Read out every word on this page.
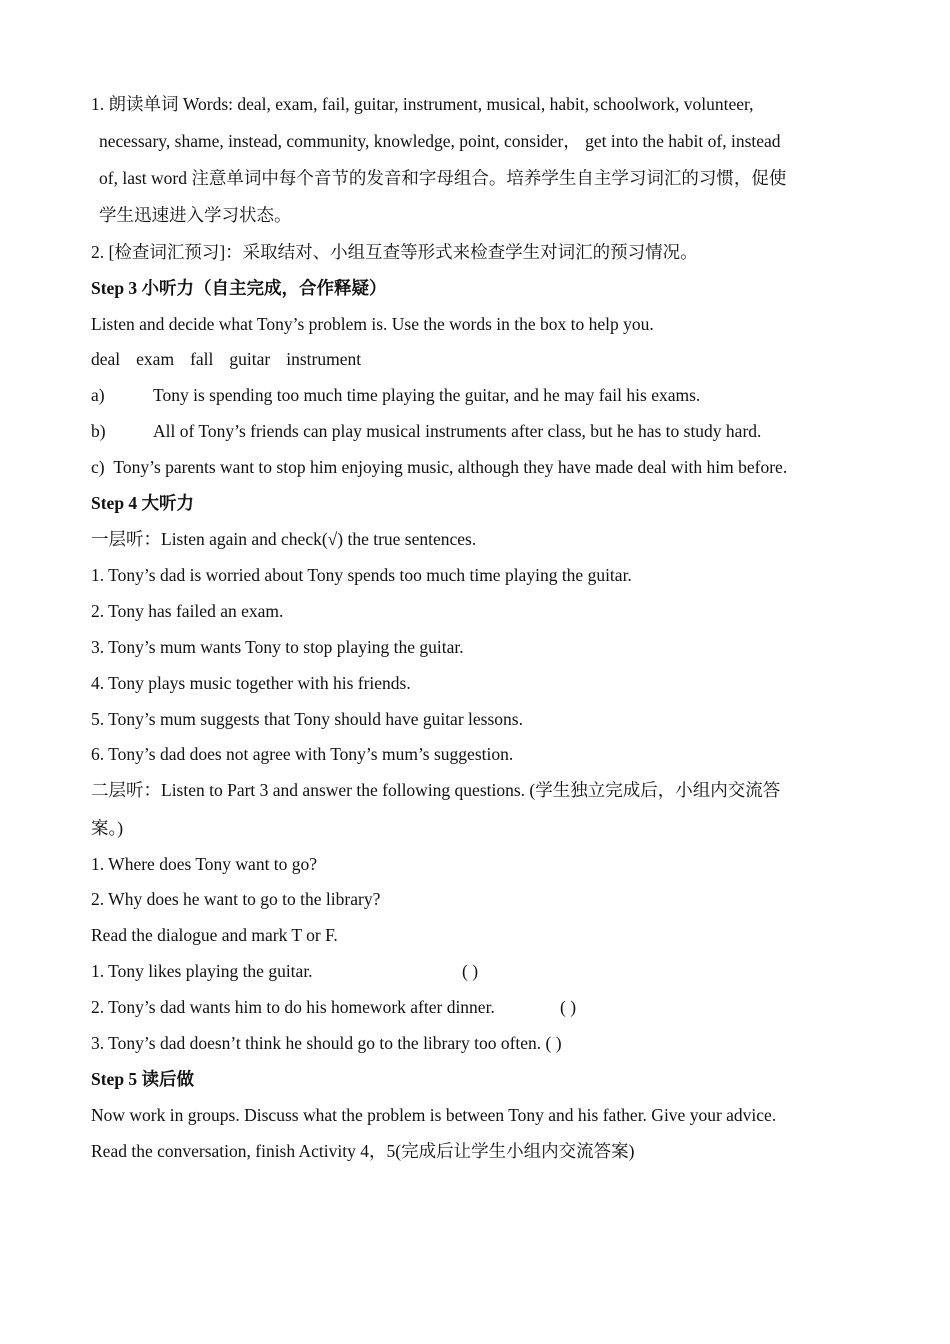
1. 朗读单词 Words: deal, exam, fail, guitar, instrument, musical, habit, schoolwork, volunteer,
necessary, shame, instead, community, knowledge, point, consider， get into the habit of, instead
of, last word 注意单词中每个音节的发音和字母组合。培养学生自主学习词汇的习惯，促使
学生迅速进入学习状态。
2. [检查词汇预习]：采取结对、小组互查等形式来检查学生对词汇的预习情况。
Step 3 小听力（自主完成，合作释疑）
Listen and decide what Tony’s problem is. Use the words in the box to help you.
deal exam fall guitar instrument
a)	Tony is spending too much time playing the guitar, and he may fail his exams.
b)	All of Tony’s friends can play musical instruments after class, but he has to study hard.
c) Tony’s parents want to stop him enjoying music, although they have made deal with him before.
Step 4 大听力
一层听：Listen again and check(√) the true sentences.
1. Tony’s dad is worried about Tony spends too much time playing the guitar.
2. Tony has failed an exam.
3. Tony’s mum wants Tony to stop playing the guitar.
4. Tony plays music together with his friends.
5. Tony’s mum suggests that Tony should have guitar lessons.
6. Tony’s dad does not agree with Tony’s mum’s suggestion.
二层听：Listen to Part 3 and answer the following questions. (学生独立完成后，小组内交流答
案。)
1. Where does Tony want to go?
2. Why does he want to go to the library?
Read the dialogue and mark T or F.
1. Tony likes playing the guitar.	( )
2. Tony’s dad wants him to do his homework after dinner.	( )
3. Tony’s dad doesn’t think he should go to the library too often. ( )
Step 5 读后做
Now work in groups. Discuss what the problem is between Tony and his father. Give your advice.
Read the conversation, finish Activity 4，5(完成后让学生小组内交流答案)
